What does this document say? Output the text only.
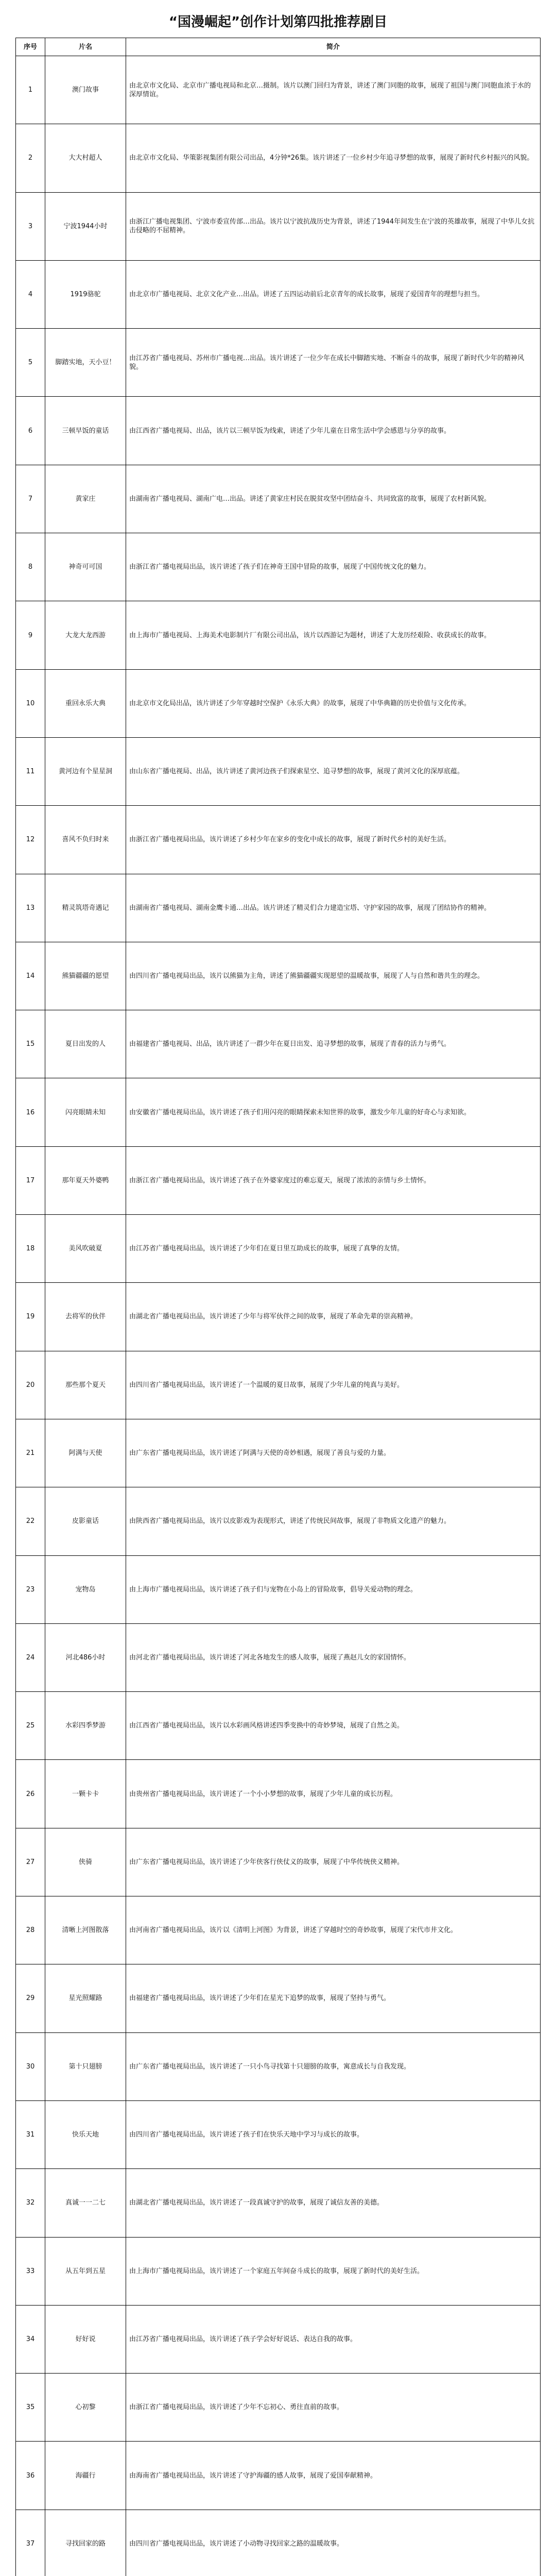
“国漫崛起”创作计划第四批推荐剧目
序号	片名	简介
1	澳门故事	由北京市文化局、北京市广播电视局和北京…摄制。该片以澳门回归为背景，讲述了澳门同胞的故事，展现了祖国与澳门同胞血浓于水的深厚情谊。
2	大大村超人	由北京市文化局、华策影视集团有限公司出品，4分钟*26集。该片讲述了一位乡村少年追寻梦想的故事，展现了新时代乡村振兴的风貌。
3	宁波1944小时	由浙江广播电视集团、宁波市委宣传部…出品。该片以宁波抗战历史为背景，讲述了1944年间发生在宁波的英雄故事，展现了中华儿女抗击侵略的不屈精神。
4	1919骆驼	由北京市广播电视局、北京文化产业…出品。讲述了五四运动前后北京青年的成长故事，展现了爱国青年的理想与担当。
5	脚踏实地，天小豆！	由江苏省广播电视局、苏州市广播电视…出品。该片讲述了一位少年在成长中脚踏实地、不断奋斗的故事，展现了新时代少年的精神风貌。
6	三顿早饭的童话	由江西省广播电视局、出品，该片以三顿早饭为线索，讲述了少年儿童在日常生活中学会感恩与分享的故事。
7	黄家庄	由湖南省广播电视局、湖南广电…出品。讲述了黄家庄村民在脱贫攻坚中团结奋斗、共同致富的故事，展现了农村新风貌。
8	神奇可可国	由浙江省广播电视局出品，该片讲述了孩子们在神奇王国中冒险的故事，展现了中国传统文化的魅力。
9	大龙大龙西游	由上海市广播电视局、上海美术电影制片厂有限公司出品，该片以西游记为题材，讲述了大龙历经艰险、收获成长的故事。
10	重回永乐大典	由北京市文化局出品，该片讲述了少年穿越时空保护《永乐大典》的故事，展现了中华典籍的历史价值与文化传承。
11	黄河边有个星星洞	由山东省广播电视局、出品，该片讲述了黄河边孩子们探索星空、追寻梦想的故事，展现了黄河文化的深厚底蕴。
12	喜风不负归时来	由浙江省广播电视局出品，该片讲述了乡村少年在家乡的变化中成长的故事，展现了新时代乡村的美好生活。
13	精灵筑塔奇遇记	由湖南省广播电视局、湖南金鹰卡通…出品。该片讲述了精灵们合力建造宝塔、守护家园的故事，展现了团结协作的精神。
14	熊猫疆疆的愿望	由四川省广播电视局出品，该片以熊猫为主角，讲述了熊猫疆疆实现愿望的温暖故事，展现了人与自然和谐共生的理念。
15	夏日出发的人	由福建省广播电视局、出品，该片讲述了一群少年在夏日出发、追寻梦想的故事，展现了青春的活力与勇气。
16	闪亮眼睛未知	由安徽省广播电视局出品，该片讲述了孩子们用闪亮的眼睛探索未知世界的故事，激发少年儿童的好奇心与求知欲。
17	那年夏天外婆鸭	由浙江省广播电视局出品，该片讲述了孩子在外婆家度过的难忘夏天，展现了浓浓的亲情与乡土情怀。
18	美风吹破夏	由江苏省广播电视局出品，该片讲述了少年们在夏日里互助成长的故事，展现了真挚的友情。
19	去将军的伙伴	由湖北省广播电视局出品，该片讲述了少年与将军伙伴之间的故事，展现了革命先辈的崇高精神。
20	那些那个夏天	由四川省广播电视局出品，该片讲述了一个温暖的夏日故事，展现了少年儿童的纯真与美好。
21	阿满与天使	由广东省广播电视局出品，该片讲述了阿满与天使的奇妙相遇，展现了善良与爱的力量。
22	皮影童话	由陕西省广播电视局出品，该片以皮影戏为表现形式，讲述了传统民间故事，展现了非物质文化遗产的魅力。
23	宠物岛	由上海市广播电视局出品，该片讲述了孩子们与宠物在小岛上的冒险故事，倡导关爱动物的理念。
24	河北486小时	由河北省广播电视局出品，该片讲述了河北各地发生的感人故事，展现了燕赵儿女的家国情怀。
25	水彩四季梦游	由江西省广播电视局出品，该片以水彩画风格讲述四季变换中的奇妙梦境，展现了自然之美。
26	一颗卡卡	由贵州省广播电视局出品，该片讲述了一个小小梦想的故事，展现了少年儿童的成长历程。
27	侠骑	由广东省广播电视局出品，该片讲述了少年侠客行侠仗义的故事，展现了中华传统侠义精神。
28	清晰上河图散落	由河南省广播电视局出品，该片以《清明上河图》为背景，讲述了穿越时空的奇妙故事，展现了宋代市井文化。
29	星光照耀路	由福建省广播电视局出品，该片讲述了少年们在星光下追梦的故事，展现了坚持与勇气。
30	第十只翅膀	由广东省广播电视局出品，该片讲述了一只小鸟寻找第十只翅膀的故事，寓意成长与自我发现。
31	快乐天地	由四川省广播电视局出品，该片讲述了孩子们在快乐天地中学习与成长的故事。
32	真诚一一二七	由湖北省广播电视局出品，该片讲述了一段真诚守护的故事，展现了诚信友善的美德。
33	从五年到五星	由上海市广播电视局出品，该片讲述了一个家庭五年间奋斗成长的故事，展现了新时代的美好生活。
34	好好说	由江苏省广播电视局出品，该片讲述了孩子学会好好说话、表达自我的故事。
35	心初黎	由浙江省广播电视局出品，该片讲述了少年不忘初心、勇往直前的故事。
36	海疆行	由海南省广播电视局出品，该片讲述了守护海疆的感人故事，展现了爱国奉献精神。
37	寻找回家的路	由四川省广播电视局出品，该片讲述了小动物寻找回家之路的温暖故事。
